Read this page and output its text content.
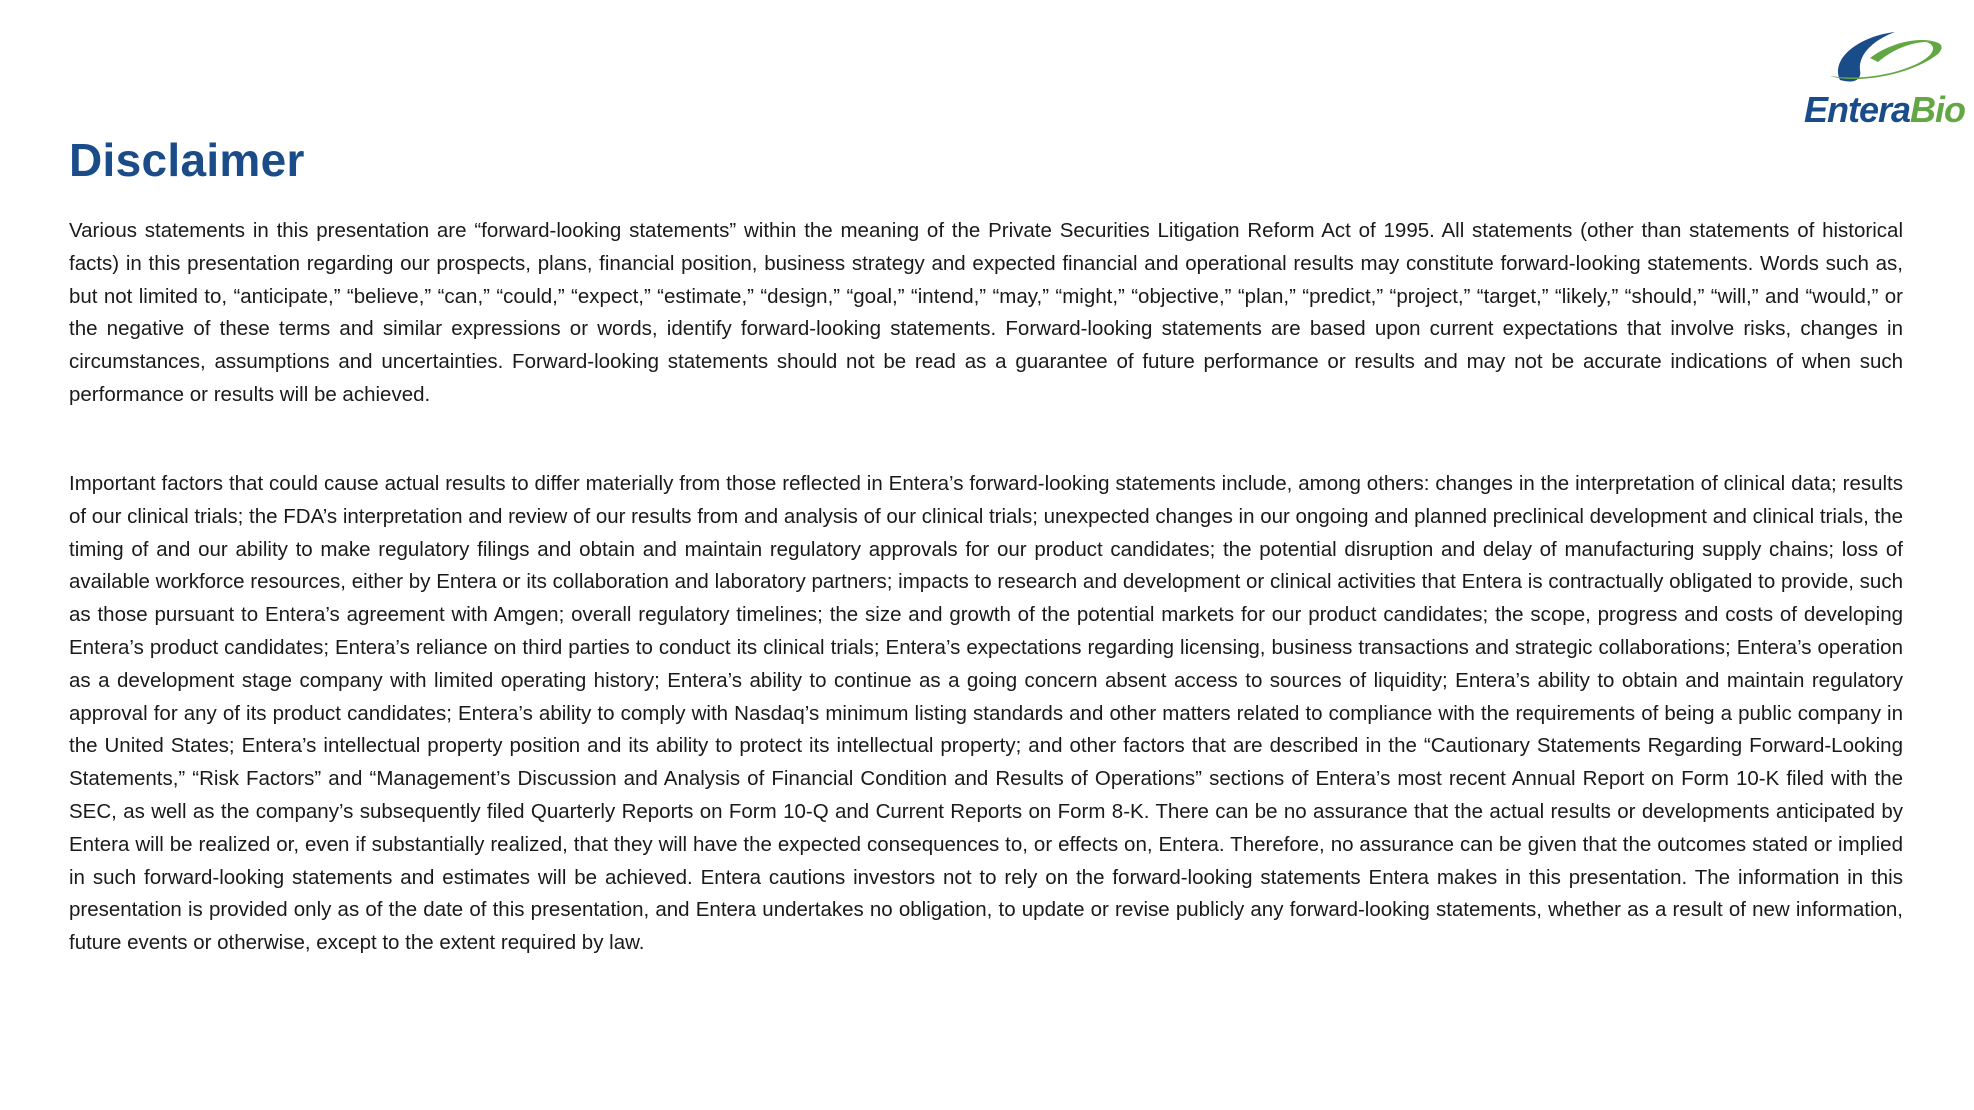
EnteraBio
Disclaimer

Various statements in this presentation are “forward-looking statements” within the meaning of the Private Securities Litigation Reform Act of 1995. All statements (other than statements of historical facts) in this presentation regarding our prospects, plans, financial position, business strategy and expected financial and operational results may constitute forward-looking statements. Words such as, but not limited to, “anticipate,” “believe,” “can,” “could,” “expect,” “estimate,” “design,” “goal,” “intend,” “may,” “might,” “objective,” “plan,” “predict,” “project,” “target,” “likely,” “should,” “will,” and “would,” or the negative of these terms and similar expressions or words, identify forward-looking statements. Forward-looking statements are based upon current expectations that involve risks, changes in circumstances, assumptions and uncertainties. Forward-looking statements should not be read as a guarantee of future performance or results and may not be accurate indications of when such performance or results will be achieved.

Important factors that could cause actual results to differ materially from those reflected in Entera’s forward-looking statements include, among others: changes in the interpretation of clinical data; results of our clinical trials; the FDA’s interpretation and review of our results from and analysis of our clinical trials; unexpected changes in our ongoing and planned preclinical development and clinical trials, the timing of and our ability to make regulatory filings and obtain and maintain regulatory approvals for our product candidates; the potential disruption and delay of manufacturing supply chains; loss of available workforce resources, either by Entera or its collaboration and laboratory partners; impacts to research and development or clinical activities that Entera is contractually obligated to provide, such as those pursuant to Entera’s agreement with Amgen; overall regulatory timelines; the size and growth of the potential markets for our product candidates; the scope, progress and costs of developing Entera’s product candidates; Entera’s reliance on third parties to conduct its clinical trials; Entera’s expectations regarding licensing, business transactions and strategic collaborations; Entera’s operation as a development stage company with limited operating history; Entera’s ability to continue as a going concern absent access to sources of liquidity; Entera’s ability to obtain and maintain regulatory approval for any of its product candidates; Entera’s ability to comply with Nasdaq’s minimum listing standards and other matters related to compliance with the requirements of being a public company in the United States; Entera’s intellectual property position and its ability to protect its intellectual property; and other factors that are described in the “Cautionary Statements Regarding Forward-Looking Statements,” “Risk Factors” and “Management’s Discussion and Analysis of Financial Condition and Results of Operations” sections of Entera’s most recent Annual Report on Form 10-K filed with the SEC, as well as the company’s subsequently filed Quarterly Reports on Form 10-Q and Current Reports on Form 8-K. There can be no assurance that the actual results or developments anticipated by Entera will be realized or, even if substantially realized, that they will have the expected consequences to, or effects on, Entera. Therefore, no assurance can be given that the outcomes stated or implied in such forward-looking statements and estimates will be achieved. Entera cautions investors not to rely on the forward-looking statements Entera makes in this presentation. The information in this presentation is provided only as of the date of this presentation, and Entera undertakes no obligation, to update or revise publicly any forward-looking statements, whether as a result of new information, future events or otherwise, except to the extent required by law.
